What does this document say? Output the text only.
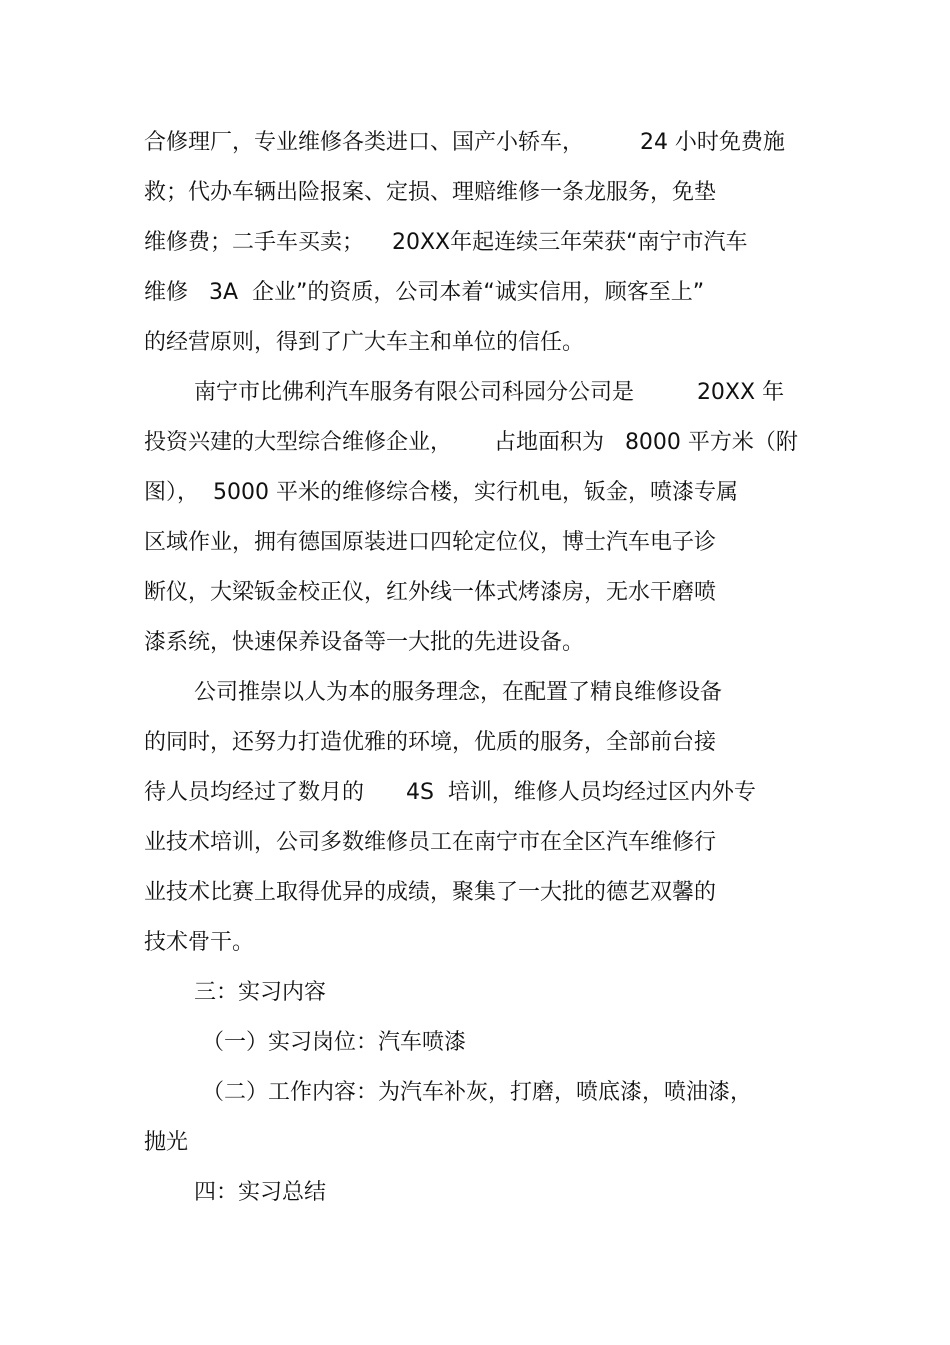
合修理厂，专业维修各类进口、国产小轿车，        24 小时免费施
救；代办车辆出险报案、定损、理赔维修一条龙服务，免垫
维修费；二手车买卖；    20XX年起连续三年荣获“南宁市汽车
维修   3A  企业”的资质，公司本着“诚实信用，顾客至上”
的经营原则，得到了广大车主和单位的信任。
南宁市比佛利汽车服务有限公司科园分公司是         20XX 年
投资兴建的大型综合维修企业，      占地面积为   8000 平方米（附
图），  5000 平米的维修综合楼，实行机电，钣金，喷漆专属
区域作业，拥有德国原装进口四轮定位仪，博士汽车电子诊
断仪，大梁钣金校正仪，红外线一体式烤漆房，无水干磨喷
漆系统，快速保养设备等一大批的先进设备。
公司推崇以人为本的服务理念，在配置了精良维修设备
的同时，还努力打造优雅的环境，优质的服务，全部前台接
待人员均经过了数月的      4S  培训，维修人员均经过区内外专
业技术培训，公司多数维修员工在南宁市在全区汽车维修行
业技术比赛上取得优异的成绩，聚集了一大批的德艺双馨的
技术骨干。
三：实习内容
（一）实习岗位：汽车喷漆
（二）工作内容：为汽车补灰，打磨，喷底漆，喷油漆，
抛光
四：实习总结
